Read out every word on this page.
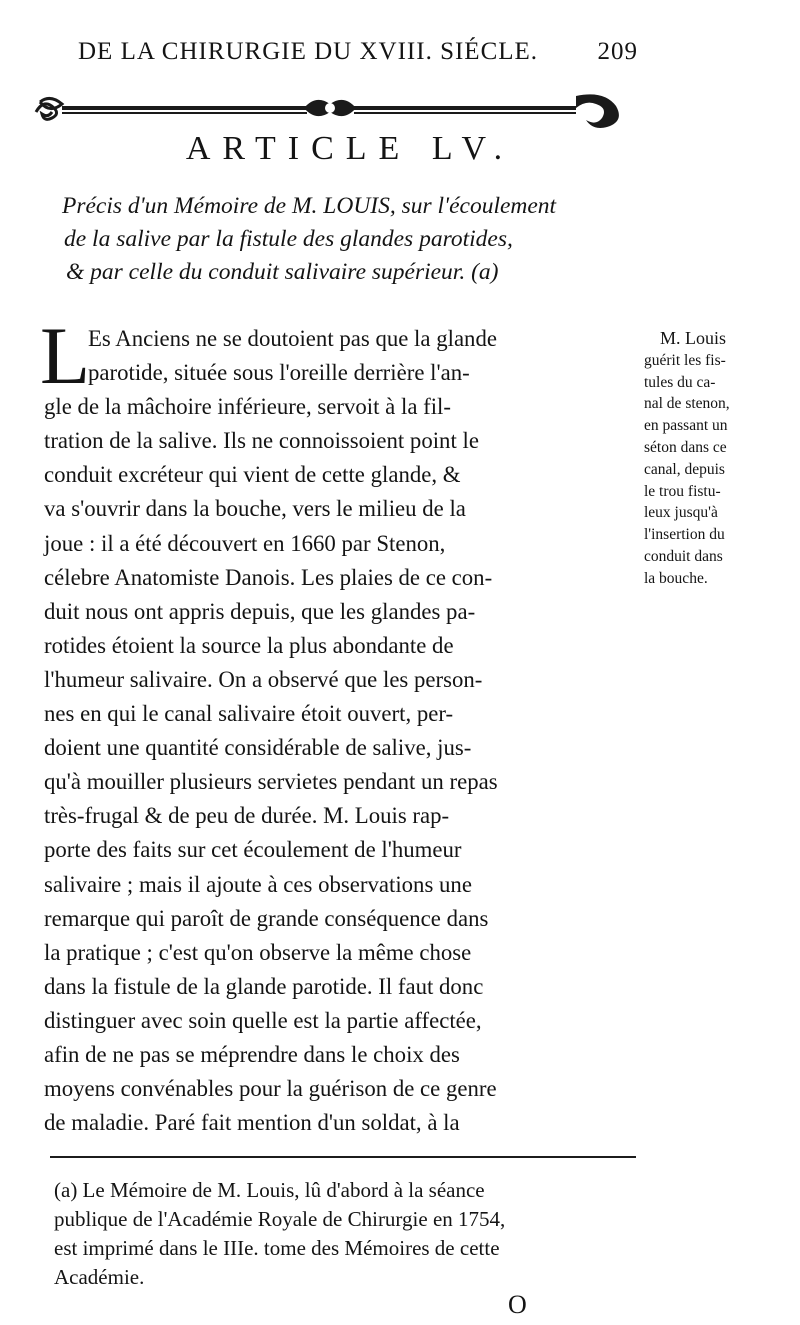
DE LA CHIRURGIE DU XVIII. SIÉCLE. 209
ARTICLE LV.
Précis d'un Mémoire de M. LOUIS, sur l'écoulement
de la salive par la fistule des glandes parotides,
& par celle du conduit salivaire supérieur. (a)
L
Es Anciens ne se doutoient pas que la glande
parotide, située sous l'oreille derrière l'an-
gle de la mâchoire inférieure, servoit à la fil-
tration de la salive. Ils ne connoissoient point le
conduit excréteur qui vient de cette glande, &
va s'ouvrir dans la bouche, vers le milieu de la
joue : il a été découvert en 1660 par Stenon,
célebre Anatomiste Danois. Les plaies de ce con-
duit nous ont appris depuis, que les glandes pa-
rotides étoient la source la plus abondante de
l'humeur salivaire. On a observé que les person-
nes en qui le canal salivaire étoit ouvert, per-
doient une quantité considérable de salive, jus-
qu'à mouiller plusieurs servietes pendant un repas
très-frugal & de peu de durée. M. Louis rap-
porte des faits sur cet écoulement de l'humeur
salivaire ; mais il ajoute à ces observations une
remarque qui paroît de grande conséquence dans
la pratique ; c'est qu'on observe la même chose
dans la fistule de la glande parotide. Il faut donc
distinguer avec soin quelle est la partie affectée,
afin de ne pas se méprendre dans le choix des
moyens convénables pour la guérison de ce genre
de maladie. Paré fait mention d'un soldat, à la
M. Louis
guérit les fis-
tules du ca-
nal de stenon,
en passant un
séton dans ce
canal, depuis
le trou fistu-
leux jusqu'à
l'insertion du
conduit dans
la bouche.
(a) Le Mémoire de M. Louis, lû d'abord à la séance
publique de l'Académie Royale de Chirurgie en 1754,
est imprimé dans le IIIe. tome des Mémoires de cette
Académie.
O
